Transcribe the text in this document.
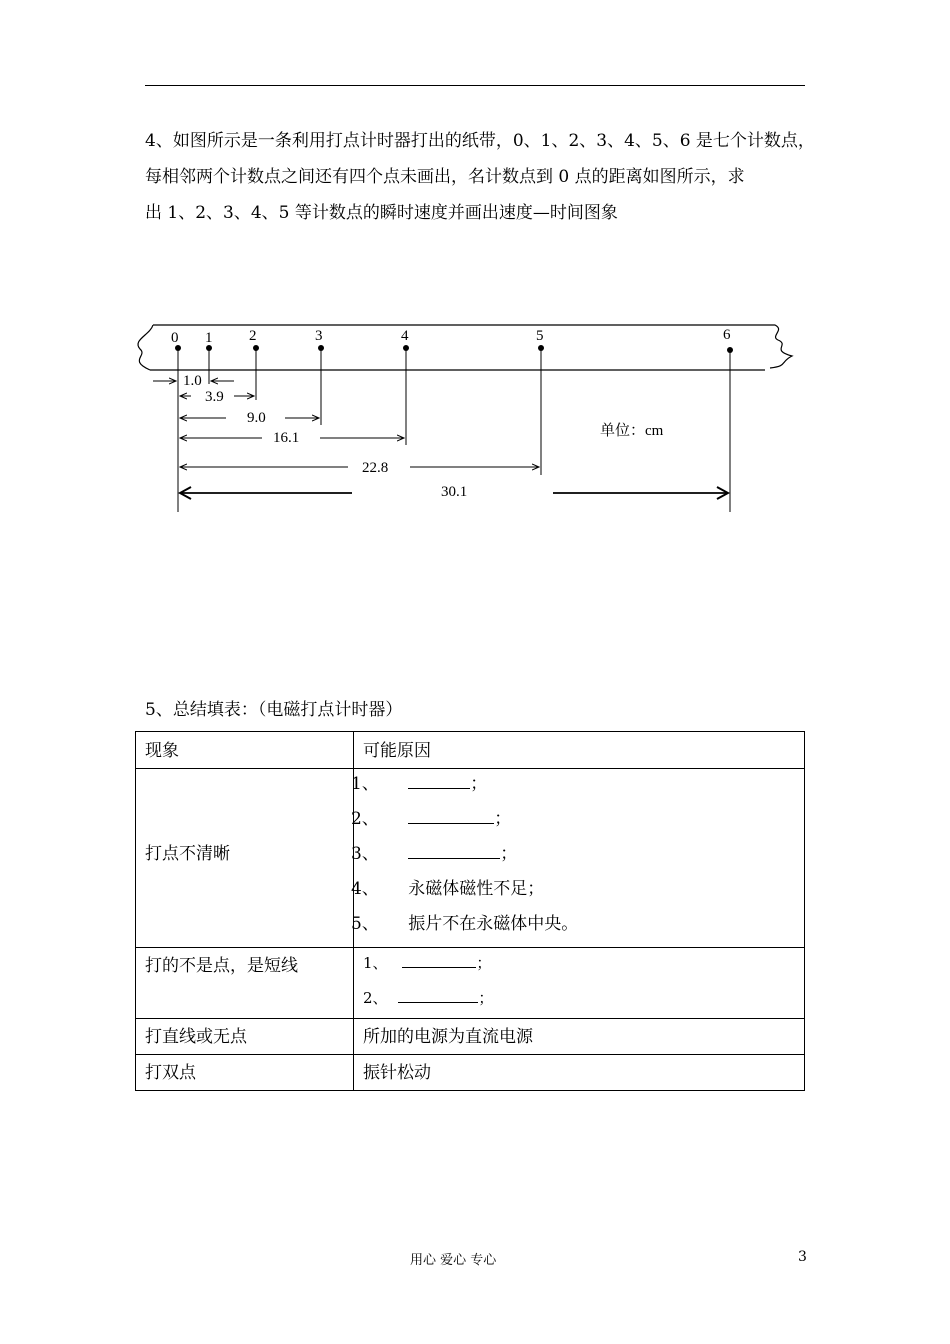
4、如图所示是一条利用打点计时器打出的纸带，0、1、2、3、4、5、6 是七个计数点，

每相邻两个计数点之间还有四个点未画出，名计数点到 0 点的距离如图所示，求

出 1、2、3、4、5 等计数点的瞬时速度并画出速度—时间图象

0 1 2	3	4	5	6
1.0
3.9
9.0
16.1	单位：cm
22.8
30.1
5、总结填表：（电磁打点计时器）
现象	可能原因

打点不清晰	1、 ；
2、 ；
3、 ；
4、 永磁体磁性不足；
5、 振片不在永磁体中央。

打的不是点，是短线	1、 ；
2、 ；

打直线或无点	所加的电源为直流电源

打双点	振针松动
用心 爱心 专心	3
